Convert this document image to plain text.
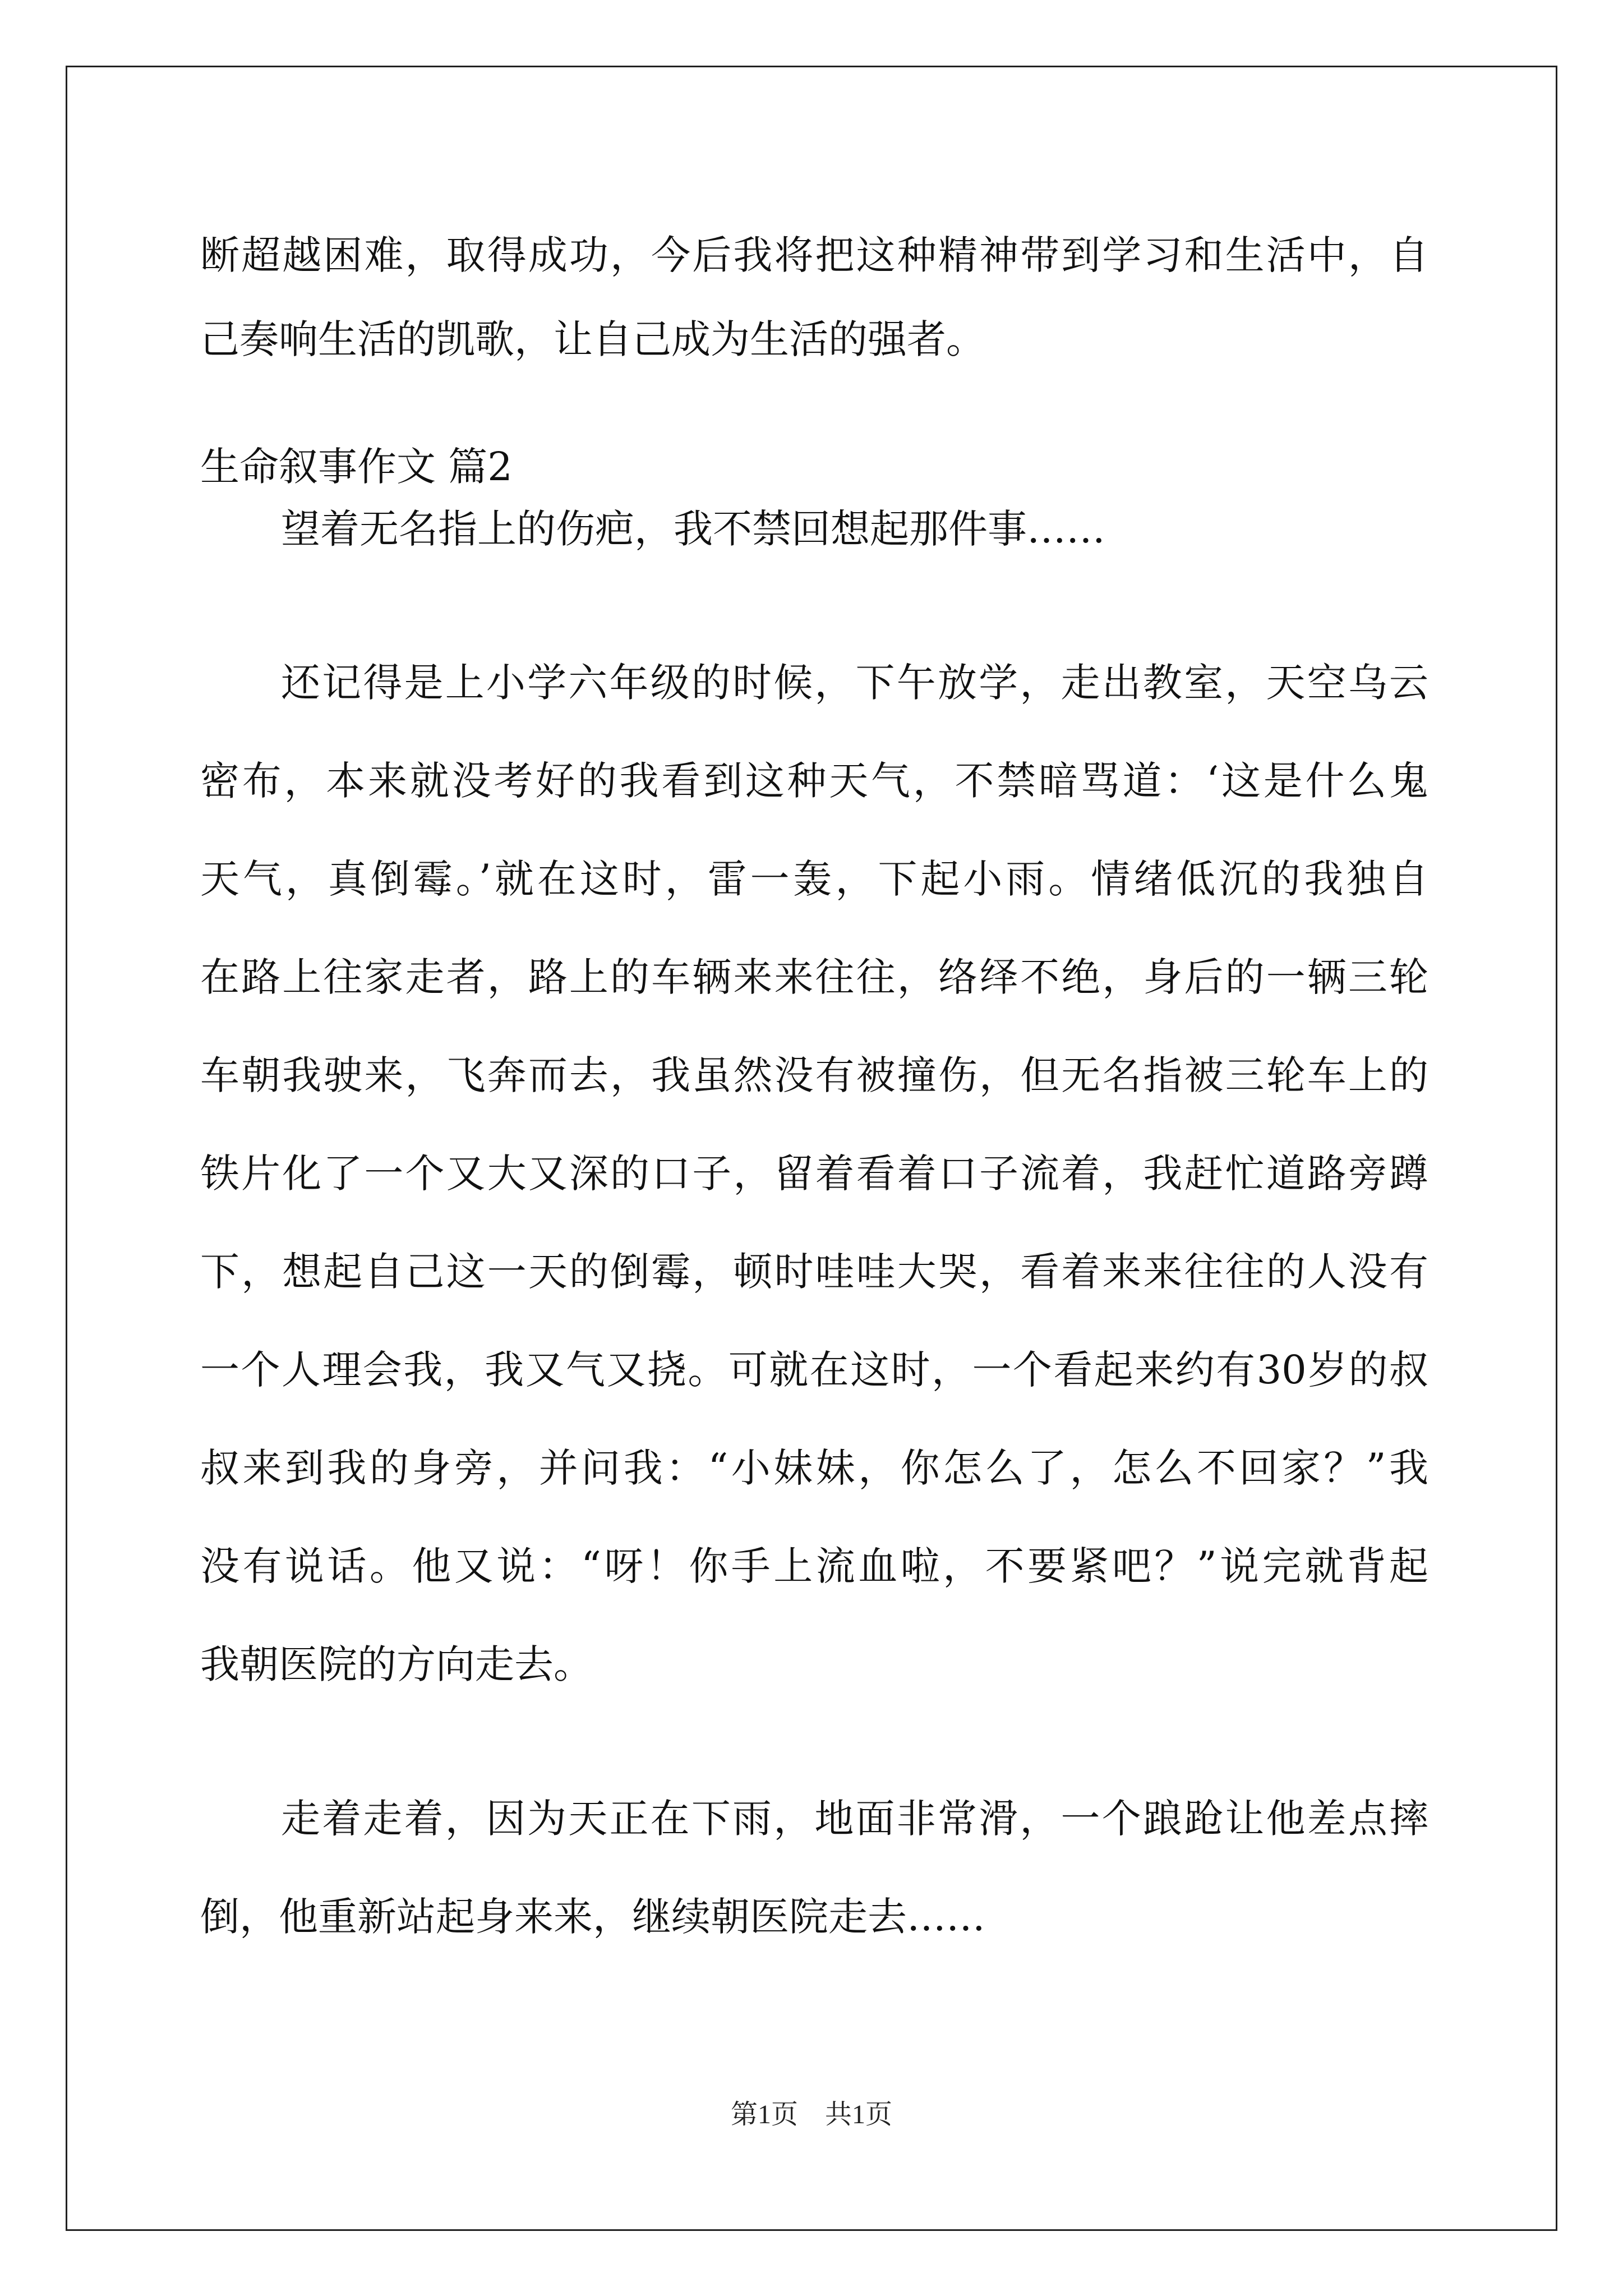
断超越困难，取得成功，今后我将把这种精神带到学习和生活中，自
己奏响生活的凯歌，让自己成为生活的强者。
生命叙事作文 篇2
望着无名指上的伤疤，我不禁回想起那件事……
还记得是上小学六年级的时候，下午放学，走出教室，天空乌云
密布，本来就没考好的我看到这种天气，不禁暗骂道：‘这是什么鬼
天气，真倒霉。’就在这时，雷一轰，下起小雨。情绪低沉的我独自
在路上往家走者，路上的车辆来来往往，络绎不绝，身后的一辆三轮
车朝我驶来，飞奔而去，我虽然没有被撞伤，但无名指被三轮车上的
铁片化了一个又大又深的口子，留着看着口子流着，我赶忙道路旁蹲
下，想起自己这一天的倒霉，顿时哇哇大哭，看着来来往往的人没有
一个人理会我，我又气又挠。可就在这时，一个看起来约有30岁的叔
叔来到我的身旁，并问我：“小妹妹，你怎么了，怎么不回家？”我
没有说话。他又说：“呀！你手上流血啦，不要紧吧？”说完就背起
我朝医院的方向走去。
走着走着，因为天正在下雨，地面非常滑，一个踉跄让他差点摔
倒，他重新站起身来来，继续朝医院走去……
第1页　共1页
